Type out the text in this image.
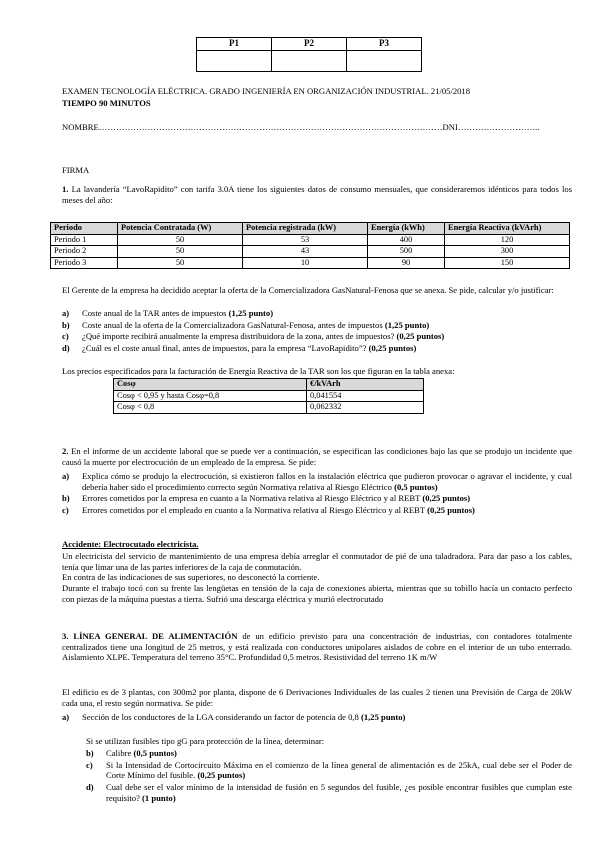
P1	P2	P3

EXAMEN TECNOLOGÍA ELÉCTRICA. GRADO INGENIERÍA EN ORGANIZACIÓN INDUSTRIAL. 21/05/2018
TIEMPO 90 MINUTOS
NOMBRE…………………………………………………………………………………………………………DNI………………………..
FIRMA
1. La lavandería “LavoRapidito” con tarifa 3.0A tiene los siguientes datos de consumo mensuales, que consideraremos idénticos para todos los meses del año:
Periodo	Potencia Contratada (W)	Potencia registrada (kW)	Energía (kWh)	Energía Reactiva (kVArh)
Periodo 1	50	53	400	120
Periodo 2	50	43	500	300
Periodo 3	50	10	90	150
El Gerente de la empresa ha decidido aceptar la oferta de la Comercializadora GasNatural-Fenosa que se anexa. Se pide, calcular y/o justificar:
a)	Coste anual de la TAR antes de impuestos (1,25 punto)
b)	Coste anual de la oferta de la Comercializadora GasNatural-Fenosa, antes de impuestos (1,25 punto)
c)	¿Qué importe recibirá anualmente la empresa distribuidora de la zona, antes de impuestos? (0,25 puntos)
d)	¿Cuál es el coste anual final, antes de impuestos, para la empresa “LavoRapidito”? (0,25 puntos)
Los precios especificados para la facturación de Energía Reactiva de la TAR son los que figuran en la tabla anexa:
Cosφ	€/kVArh
Cosφ < 0,95 y hasta Cosφ=0,8	0,041554
Cosφ < 0,8	0,062332
2. En el informe de un accidente laboral que se puede ver a continuación, se especifican las condiciones bajo las que se produjo un incidente que causó la muerte por electrocución de un empleado de la empresa. Se pide:
a)	Explica cómo se produjo la electrocución, si existieron fallos en la instalación eléctrica que pudieron provocar o agravar el incidente, y cual debería haber sido el procedimiento correcto según Normativa relativa al Riesgo Eléctrico (0,5 puntos)
b)	Errores cometidos por la empresa en cuanto a la Normativa relativa al Riesgo Eléctrico y al REBT (0,25 puntos)
c)	Errores cometidos por el empleado en cuanto a la Normativa relativa al Riesgo Eléctrico y al REBT (0,25 puntos)
Accidente: Electrocutado electricista.

Un electricista del servicio de mantenimiento de una empresa debía arreglar el conmutador de pié de una taladradora. Para dar paso a los cables, tenía que limar una de las partes inferiores de la caja de conmutación.

En contra de las indicaciones de sus superiores, no desconectó la corriente.

Durante el trabajo tocó con su frente las lengüetas en tensión de la caja de conexiones abierta, mientras que su tobillo hacía un contacto perfecto con piezas de la máquina puestas a tierra. Sufrió una descarga eléctrica y murió electrocutado

3. LÍNEA GENERAL DE ALIMENTACIÓN de un edificio previsto para una concentración de industrias, con contadores totalmente centralizados tiene una longitud de 25 metros, y está realizada con conductores unipolares aislados de cobre en el interior de un tubo enterrado. Aislamiento XLPE. Temperatura del terreno 35°C. Profundidad 0,5 metros. Resistividad del terreno 1K m/W
El edificio es de 3 plantas, con 300m2 por planta, dispone de 6 Derivaciones Individuales de las cuales 2 tienen una Previsión de Carga de 20kW cada una, el resto según normativa. Se pide:
a)	Sección de los conductores de la LGA considerando un factor de potencia de 0,8 (1,25 punto)
Si se utilizan fusibles tipo gG para protección de la línea, determinar:
b)	Calibre (0,5 puntos)
c)	Si la Intensidad de Cortocircuito Máxima en el comienzo de la línea general de alimentación es de 25kA, cual debe ser el Poder de Corte Mínimo del fusible. (0,25 puntos)
d)	Cual debe ser el valor mínimo de la intensidad de fusión en 5 segundos del fusible, ¿es posible encontrar fusibles que cumplan este requisito? (1 punto)
